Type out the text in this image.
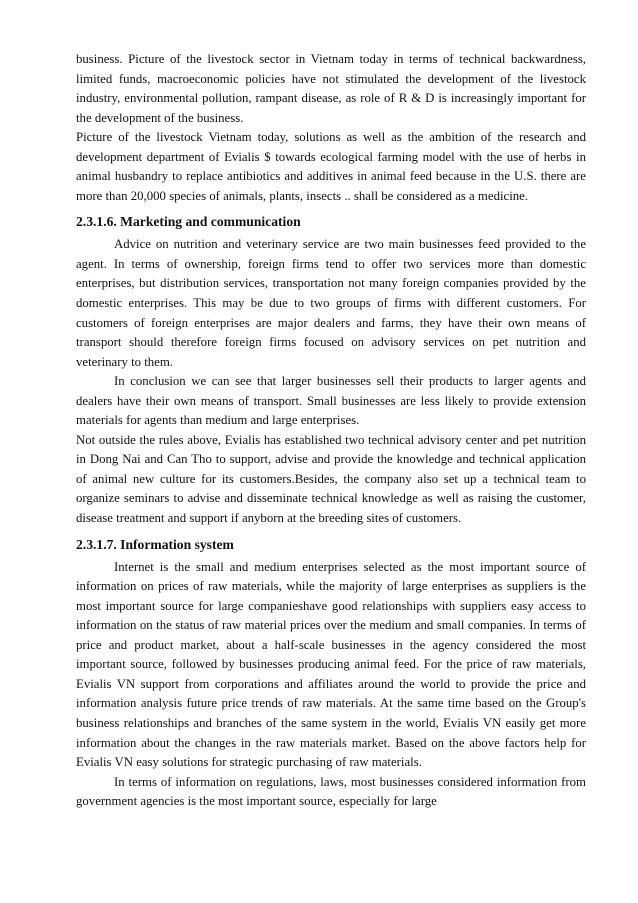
business. Picture of the livestock sector in Vietnam today in terms of technical backwardness, limited funds, macroeconomic policies have not stimulated the development of the livestock industry, environmental pollution, rampant disease, as role of R & D is increasingly important for the development of the business.

Picture of the livestock Vietnam today, solutions as well as the ambition of the research and development department of Evialis $ towards ecological farming model with the use of herbs in animal husbandry to replace antibiotics and additives in animal feed because in the U.S. there are more than 20,000 species of animals, plants, insects .. shall be considered as a medicine.

2.3.1.6. Marketing and communication

Advice on nutrition and veterinary service are two main businesses feed provided to the agent. In terms of ownership, foreign firms tend to offer two services more than domestic enterprises, but distribution services, transportation not many foreign companies provided by the domestic enterprises. This may be due to two groups of firms with different customers. For customers of foreign enterprises are major dealers and farms, they have their own means of transport should therefore foreign firms focused on advisory services on pet nutrition and veterinary to them.

In conclusion we can see that larger businesses sell their products to larger agents and dealers have their own means of transport. Small businesses are less likely to provide extension materials for agents than medium and large enterprises.

Not outside the rules above, Evialis has established two technical advisory center and pet nutrition in Dong Nai and Can Tho to support, advise and provide the knowledge and technical application of animal new culture for its customers.Besides, the company also set up a technical team to organize seminars to advise and disseminate technical knowledge as well as raising the customer, disease treatment and support if anyborn at the breeding sites of customers.

2.3.1.7. Information system

Internet is the small and medium enterprises selected as the most important source of information on prices of raw materials, while the majority of large enterprises as suppliers is the most important source for large companieshave good relationships with suppliers easy access to information on the status of raw material prices over the medium and small companies. In terms of price and product market, about a half-scale businesses in the agency considered the most important source, followed by businesses producing animal feed. For the price of raw materials, Evialis VN support from corporations and affiliates around the world to provide the price and information analysis future price trends of raw materials. At the same time based on the Group's business relationships and branches of the same system in the world, Evialis VN easily get more information about the changes in the raw materials market. Based on the above factors help for Evialis VN easy solutions for strategic purchasing of raw materials.

In terms of information on regulations, laws, most businesses considered information from government agencies is the most important source, especially for large
